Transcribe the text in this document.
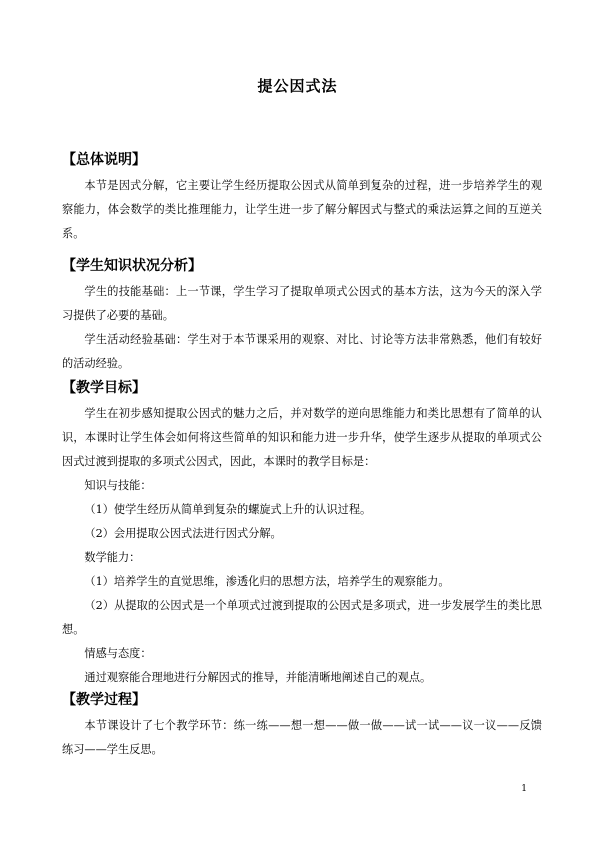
提公因式法
【总体说明】

本节是因式分解，它主要让学生经历提取公因式从简单到复杂的过程，进一步培养学生的观察能力，体会数学的类比推理能力，让学生进一步了解分解因式与整式的乘法运算之间的互逆关系。

【学生知识状况分析】

学生的技能基础：上一节课，学生学习了提取单项式公因式的基本方法，这为今天的深入学习提供了必要的基础。

学生活动经验基础：学生对于本节课采用的观察、对比、讨论等方法非常熟悉，他们有较好的活动经验。

【教学目标】

学生在初步感知提取公因式的魅力之后，并对数学的逆向思维能力和类比思想有了简单的认识，本课时让学生体会如何将这些简单的知识和能力进一步升华，使学生逐步从提取的单项式公因式过渡到提取的多项式公因式，因此，本课时的教学目标是：

知识与技能：

（1）使学生经历从简单到复杂的螺旋式上升的认识过程。

（2）会用提取公因式法进行因式分解。

数学能力：

（1）培养学生的直觉思维，渗透化归的思想方法，培养学生的观察能力。

（2）从提取的公因式是一个单项式过渡到提取的公因式是多项式，进一步发展学生的类比思想。

情感与态度：

通过观察能合理地进行分解因式的推导，并能清晰地阐述自己的观点。

【教学过程】

本节课设计了七个教学环节：练一练——想一想——做一做——试一试——议一议——反馈练习——学生反思。

1
